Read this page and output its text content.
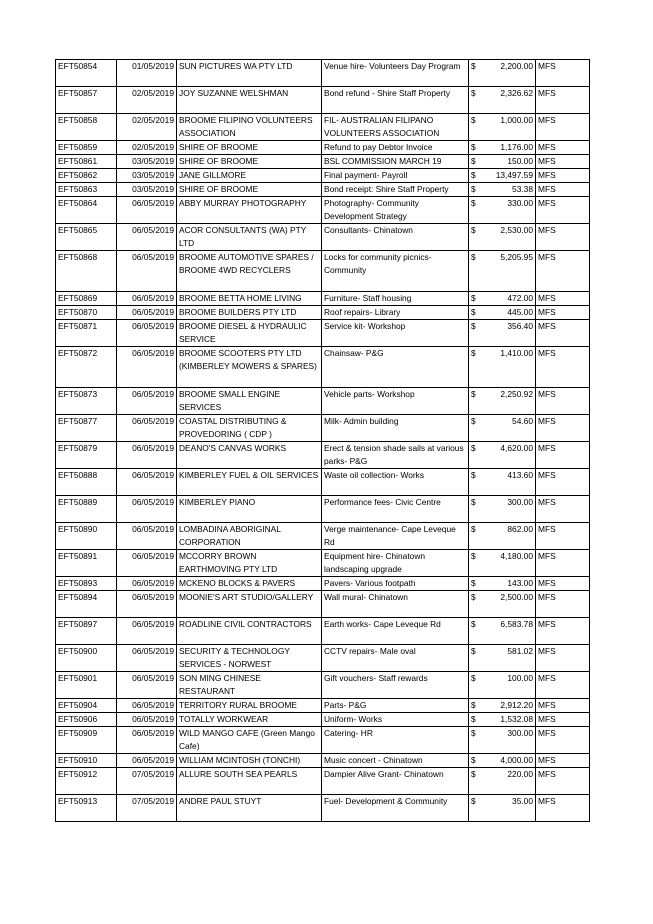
EFT50854	01/05/2019	SUN PICTURES WA PTY LTD	Venue hire- Volunteers Day Program	$	2,200.00	MFS
EFT50857	02/05/2019	JOY SUZANNE WELSHMAN	Bond refund - Shire Staff Property	$	2,326.62	MFS
EFT50858	02/05/2019	BROOME FILIPINO VOLUNTEERS ASSOCIATION	FIL- AUSTRALIAN FILIPANO VOLUNTEERS ASSOCIATION	$	1,000.00	MFS
EFT50859	02/05/2019	SHIRE OF BROOME	Refund to pay Debtor Invoice	$	1,176.00	MFS
EFT50861	03/05/2019	SHIRE OF BROOME	BSL COMMISSION MARCH 19	$	150.00	MFS
EFT50862	03/05/2019	JANE GILLMORE	Final payment- Payroll	$	13,497.59	MFS
EFT50863	03/05/2019	SHIRE OF BROOME	Bond receipt: Shire Staff Property	$	53.38	MFS
EFT50864	06/05/2019	ABBY MURRAY PHOTOGRAPHY	Photography- Community Development Strategy	$	330.00	MFS
EFT50865	06/05/2019	ACOR CONSULTANTS (WA) PTY LTD	Consultants- Chinatown	$	2,530.00	MFS
EFT50868	06/05/2019	BROOME AUTOMOTIVE SPARES / BROOME 4WD RECYCLERS	Locks for community picnics- Community	$	5,205.95	MFS
EFT50869	06/05/2019	BROOME BETTA HOME LIVING	Furniture- Staff housing	$	472.00	MFS
EFT50870	06/05/2019	BROOME BUILDERS PTY LTD	Roof repairs- Library	$	445.00	MFS
EFT50871	06/05/2019	BROOME DIESEL & HYDRAULIC SERVICE	Service kit- Workshop	$	356.40	MFS
EFT50872	06/05/2019	BROOME SCOOTERS PTY LTD (KIMBERLEY MOWERS & SPARES)	Chainsaw- P&G	$	1,410.00	MFS
EFT50873	06/05/2019	BROOME SMALL ENGINE SERVICES	Vehicle parts- Workshop	$	2,250.92	MFS
EFT50877	06/05/2019	COASTAL DISTRIBUTING & PROVEDORING ( CDP )	Milk- Admin building	$	54.60	MFS
EFT50879	06/05/2019	DEANO'S CANVAS WORKS	Erect & tension shade sails at various parks- P&G	$	4,620.00	MFS
EFT50888	06/05/2019	KIMBERLEY FUEL & OIL SERVICES	Waste oil collection- Works	$	413.60	MFS
EFT50889	06/05/2019	KIMBERLEY PIANO	Performance fees- Civic Centre	$	300.00	MFS
EFT50890	06/05/2019	LOMBADINA ABORIGINAL CORPORATION	Verge maintenance- Cape Leveque Rd	$	862.00	MFS
EFT50891	06/05/2019	MCCORRY BROWN EARTHMOVING PTY LTD	Equipment hire- Chinatown landscaping upgrade	$	4,180.00	MFS
EFT50893	06/05/2019	MCKENO BLOCKS & PAVERS	Pavers- Various footpath	$	143.00	MFS
EFT50894	06/05/2019	MOONIE'S ART STUDIO/GALLERY	Wall mural- Chinatown	$	2,500.00	MFS
EFT50897	06/05/2019	ROADLINE CIVIL CONTRACTORS	Earth works- Cape Leveque Rd	$	6,583.78	MFS
EFT50900	06/05/2019	SECURITY & TECHNOLOGY SERVICES - NORWEST	CCTV repairs- Male oval	$	581.02	MFS
EFT50901	06/05/2019	SON MING CHINESE RESTAURANT	Gift vouchers- Staff rewards	$	100.00	MFS
EFT50904	06/05/2019	TERRITORY RURAL BROOME	Parts- P&G	$	2,912.20	MFS
EFT50906	06/05/2019	TOTALLY WORKWEAR	Uniform- Works	$	1,532.08	MFS
EFT50909	06/05/2019	WILD MANGO CAFE (Green Mango Cafe)	Catering- HR	$	300.00	MFS
EFT50910	06/05/2019	WILLIAM MCINTOSH (TONCHI)	Music concert - Chinatown	$	4,000.00	MFS
EFT50912	07/05/2019	ALLURE SOUTH SEA PEARLS	Dampier Alive Grant- Chinatown	$	220.00	MFS
EFT50913	07/05/2019	ANDRE PAUL STUYT	Fuel- Development & Community	$	35.00	MFS
